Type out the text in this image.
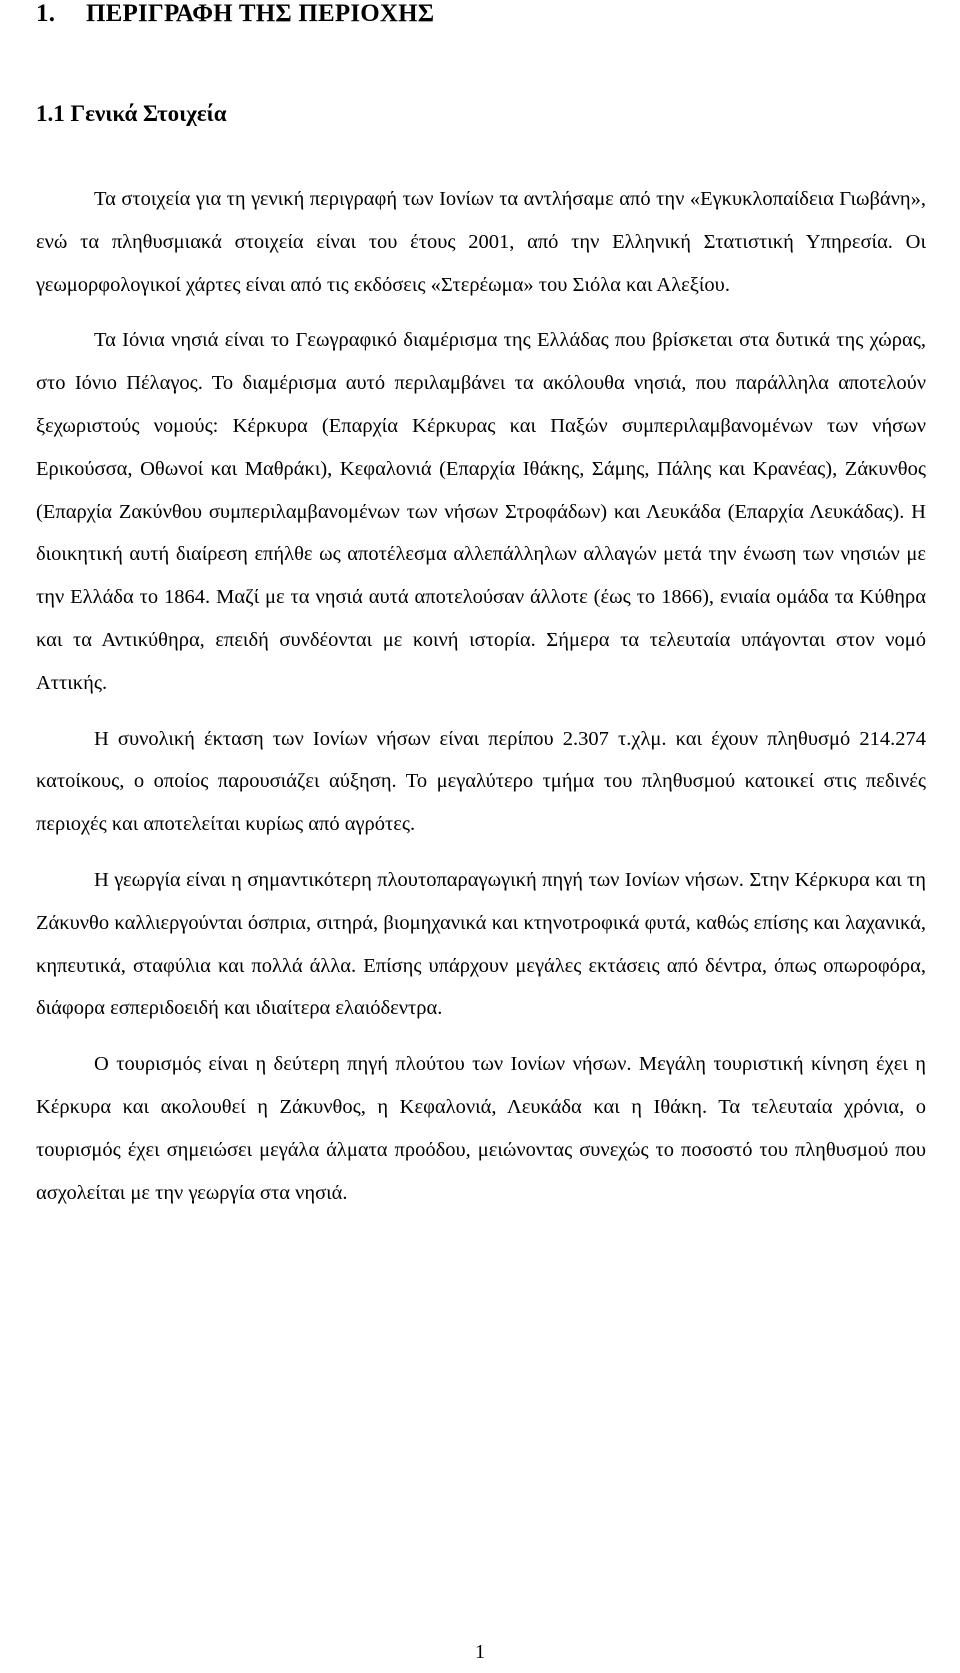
1. ΠΕΡΙΓΡΑΦΗ ΤΗΣ ΠΕΡΙΟΧΗΣ
1.1 Γενικά Στοιχεία

Τα στοιχεία για τη γενική περιγραφή των Ιονίων τα αντλήσαμε από την «Εγκυκλοπαίδεια Γιωβάνη», ενώ τα πληθυσμιακά στοιχεία είναι του έτους 2001, από την Ελληνική Στατιστική Υπηρεσία. Οι γεωμορφολογικοί χάρτες είναι από τις εκδόσεις «Στερέωμα» του Σιόλα και Αλεξίου.

Τα Ιόνια νησιά είναι το Γεωγραφικό διαμέρισμα της Ελλάδας που βρίσκεται στα δυτικά της χώρας, στο Ιόνιο Πέλαγος. Το διαμέρισμα αυτό περιλαμβάνει τα ακόλουθα νησιά, που παράλληλα αποτελούν ξεχωριστούς νομούς: Κέρκυρα (Επαρχία Κέρκυρας και Παξών συμπεριλαμβανομένων των νήσων Ερικούσσα, Οθωνοί και Μαθράκι), Κεφαλονιά (Επαρχία Ιθάκης, Σάμης, Πάλης και Κρανέας), Ζάκυνθος (Επαρχία Ζακύνθου συμπεριλαμβανομένων των νήσων Στροφάδων) και Λευκάδα (Επαρχία Λευκάδας). Η διοικητική αυτή διαίρεση επήλθε ως αποτέλεσμα αλλεπάλληλων αλλαγών μετά την ένωση των νησιών με την Ελλάδα το 1864. Μαζί με τα νησιά αυτά αποτελούσαν άλλοτε (έως το 1866), ενιαία ομάδα τα Κύθηρα και τα Αντικύθηρα, επειδή συνδέονται με κοινή ιστορία. Σήμερα τα τελευταία υπάγονται στον νομό Αττικής.

Η συνολική έκταση των Ιονίων νήσων είναι περίπου 2.307 τ.χλμ. και έχουν πληθυσμό 214.274 κατοίκους, ο οποίος παρουσιάζει αύξηση. Το μεγαλύτερο τμήμα του πληθυσμού κατοικεί στις πεδινές περιοχές και αποτελείται κυρίως από αγρότες.

Η γεωργία είναι η σημαντικότερη πλουτοπαραγωγική πηγή των Ιονίων νήσων. Στην Κέρκυρα και τη Ζάκυνθο καλλιεργούνται όσπρια, σιτηρά, βιομηχανικά και κτηνοτροφικά φυτά, καθώς επίσης και λαχανικά, κηπευτικά, σταφύλια και πολλά άλλα. Επίσης υπάρχουν μεγάλες εκτάσεις από δέντρα, όπως οπωροφόρα, διάφορα εσπεριδοειδή και ιδιαίτερα ελαιόδεντρα.

Ο τουρισμός είναι η δεύτερη πηγή πλούτου των Ιονίων νήσων. Μεγάλη τουριστική κίνηση έχει η Κέρκυρα και ακολουθεί η Ζάκυνθος, η Κεφαλονιά, Λευκάδα και η Ιθάκη. Τα τελευταία χρόνια, ο τουρισμός έχει σημειώσει μεγάλα άλματα προόδου, μειώνοντας συνεχώς το ποσοστό του πληθυσμού που ασχολείται με την γεωργία στα νησιά.

1
